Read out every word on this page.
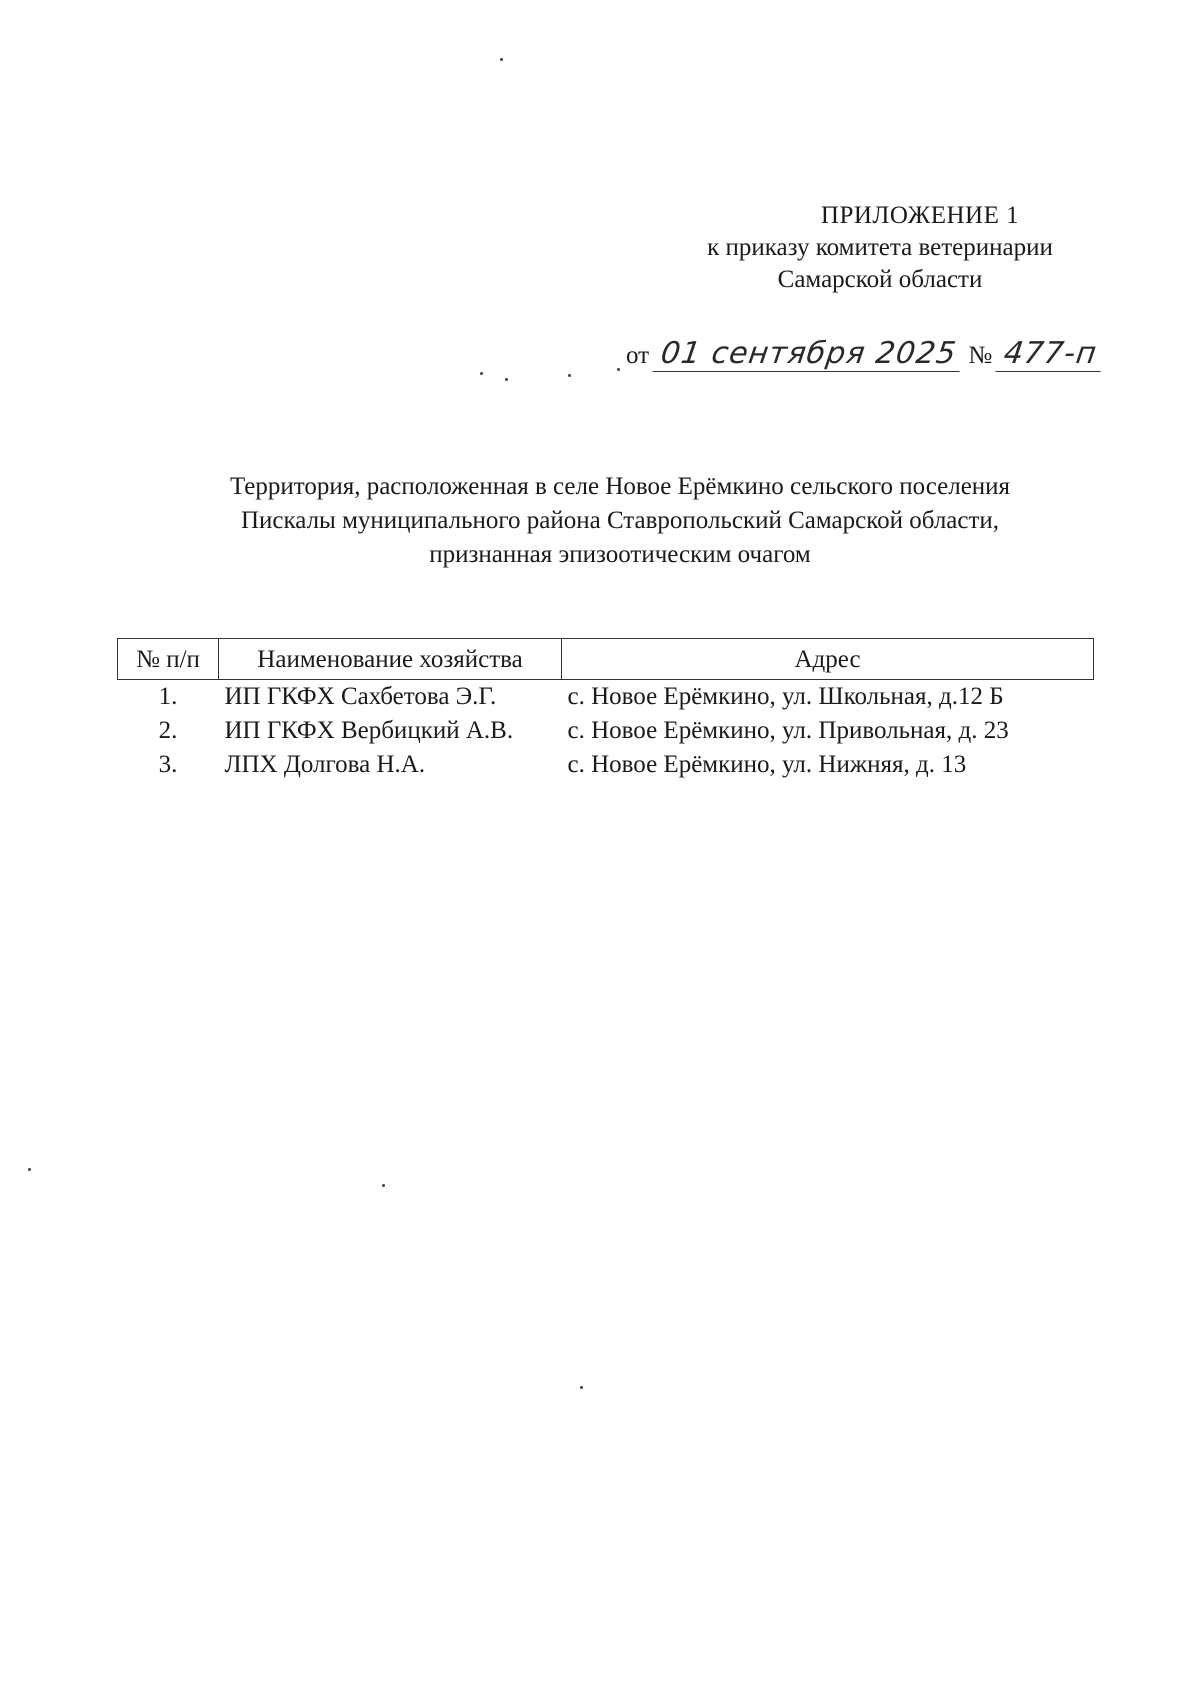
ПРИЛОЖЕНИЕ 1
к приказу комитета ветеринарии
Самарской области
от 01 сентября 2025 № 477-п
Территория, расположенная в селе Новое Ерёмкино сельского поселения
Пискалы муниципального района Ставропольский Самарской области,
признанная эпизоотическим очагом
№ п/п	Наименование хозяйства	Адрес
1.	ИП ГКФХ Сахбетова Э.Г.	с. Новое Ерёмкино, ул. Школьная, д.12 Б
2.	ИП ГКФХ Вербицкий А.В.	с. Новое Ерёмкино, ул. Привольная, д. 23
3.	ЛПХ Долгова Н.А.	с. Новое Ерёмкино, ул. Нижняя, д. 13
